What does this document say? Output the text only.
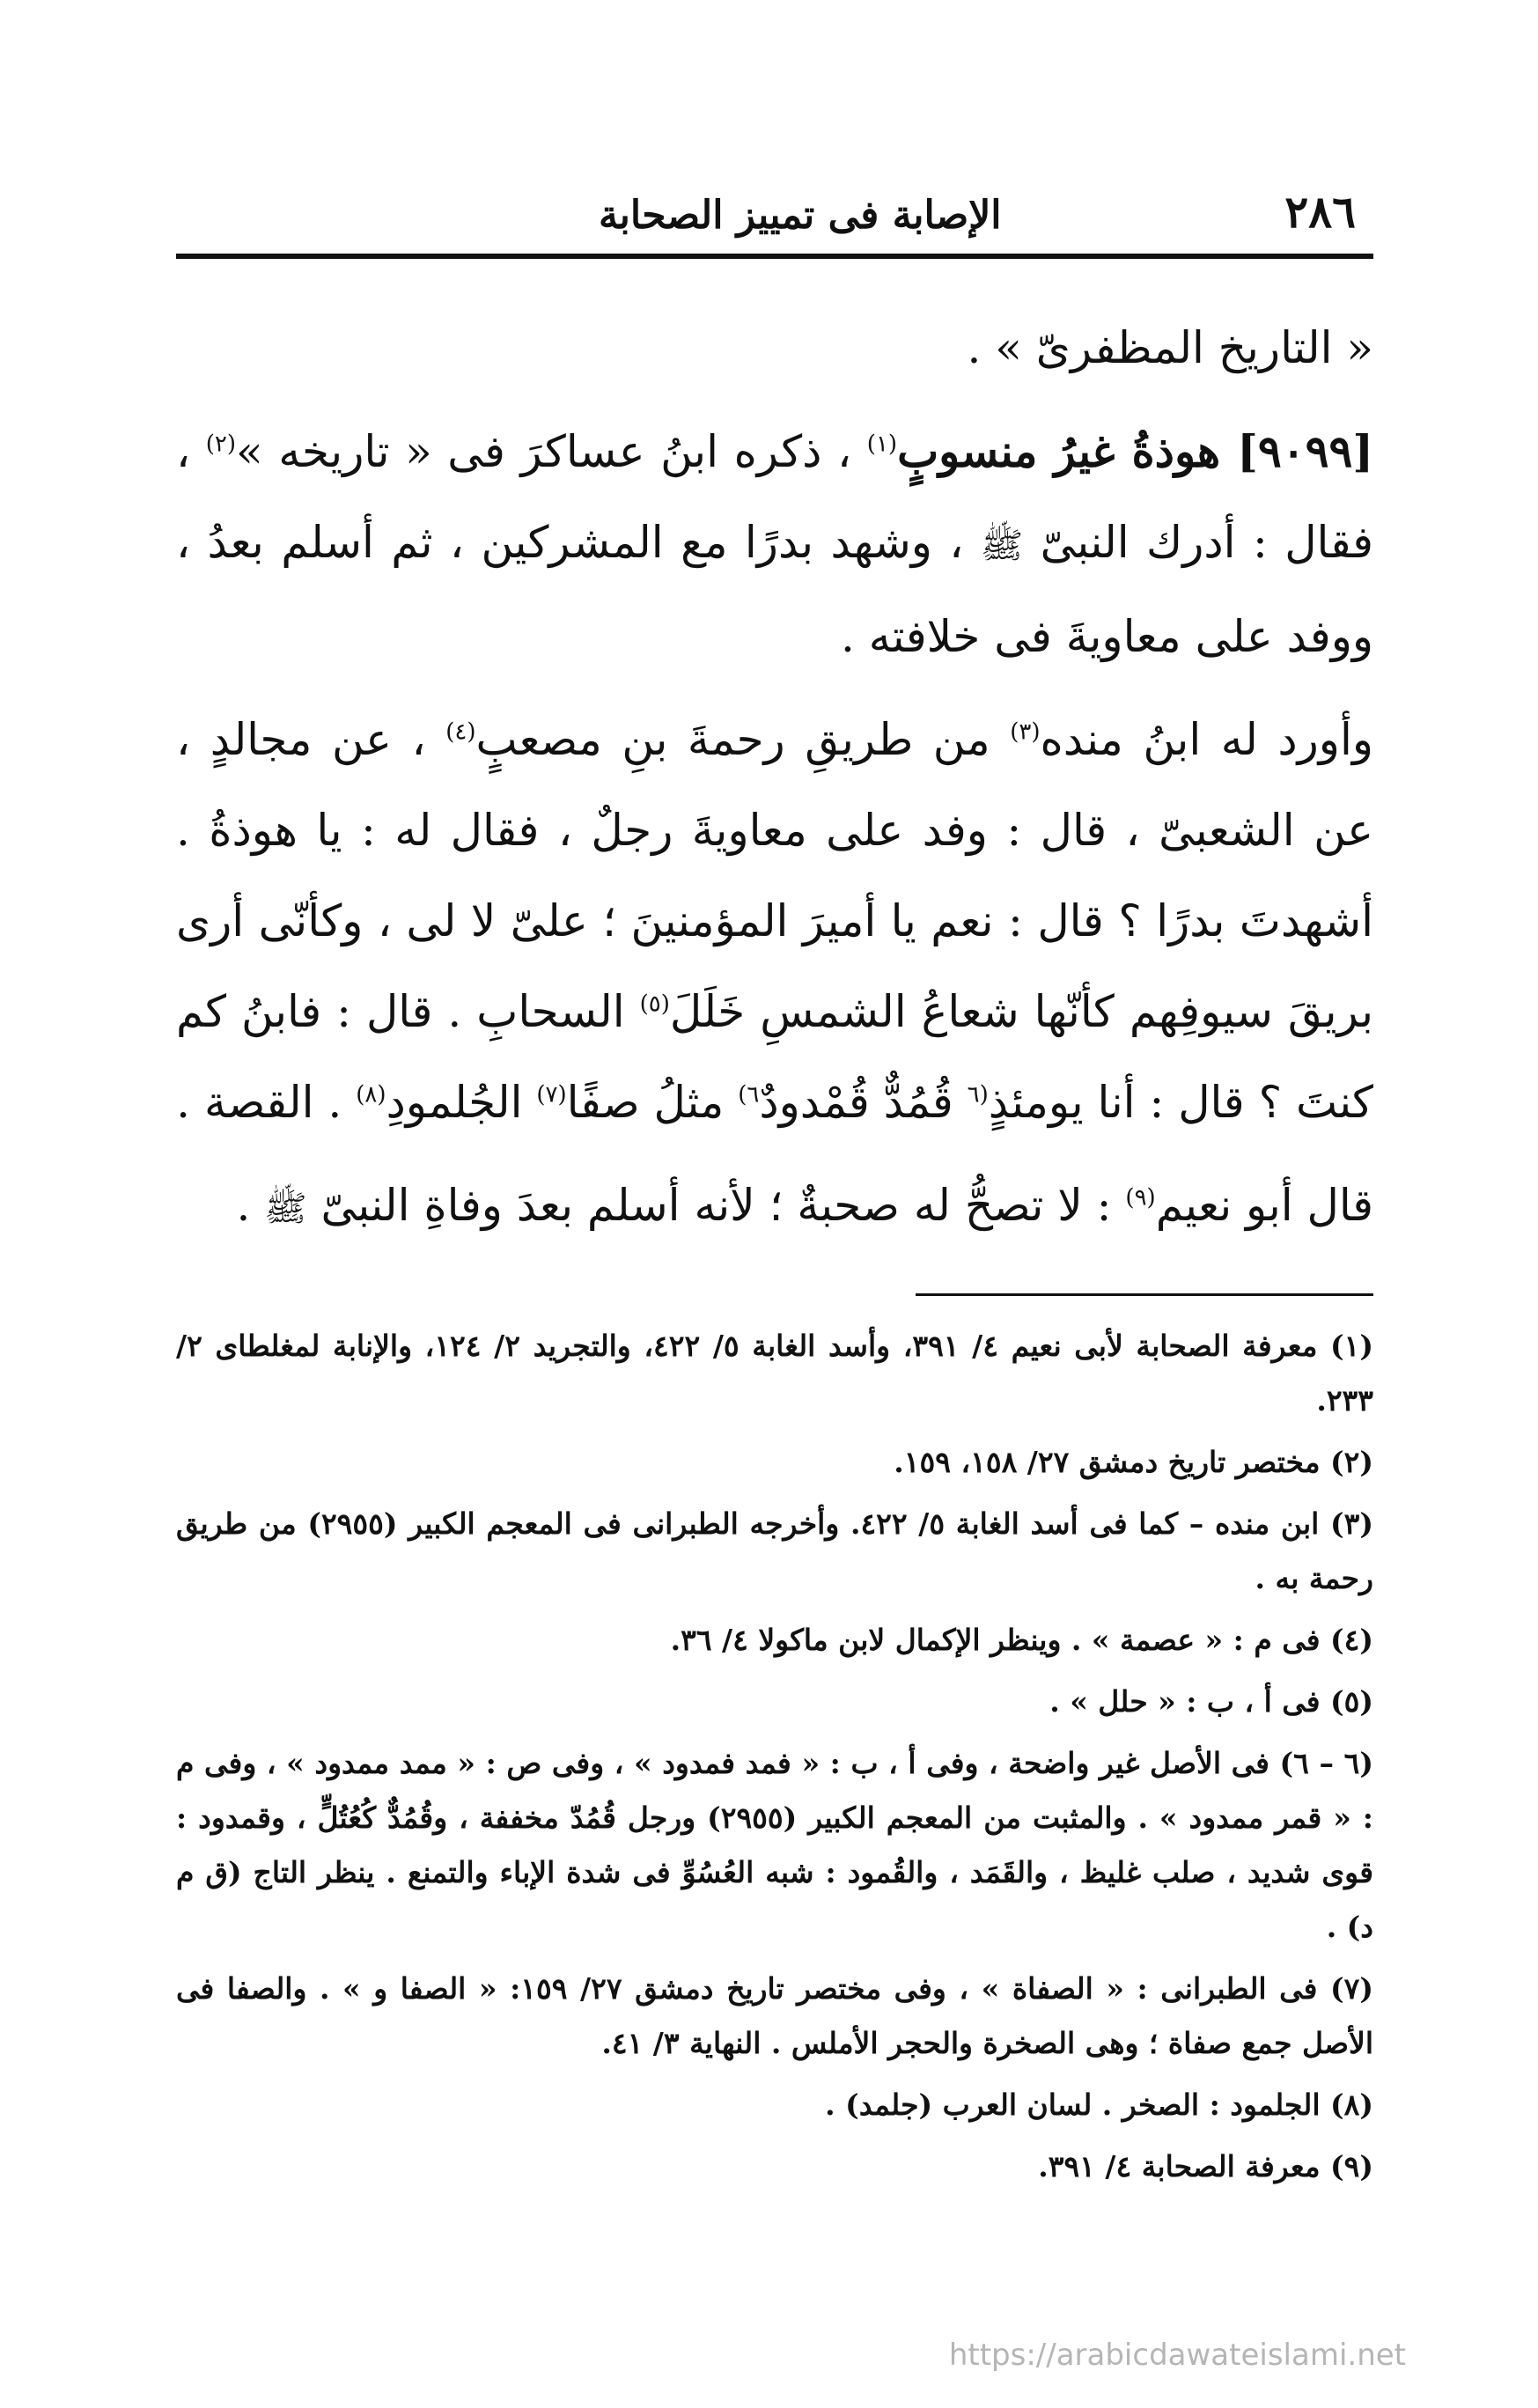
٢٨٦
الإصابة فى تمييز الصحابة

« التاريخ المظفرىّ » .

[٩٠٩٩] هوذةُ غيرُ منسوبٍ$^{(١)}$ ، ذكره ابنُ عساكرَ فى « تاريخه »$^{(٢)}$ ، فقال : أدرك النبىّ ﷺ ، وشهد بدرًا مع المشركين ، ثم أسلم بعدُ ، ووفد على معاويةَ فى خلافته .

وأورد له ابنُ منده$^{(٣)}$ من طريقِ رحمةَ بنِ مصعبٍ$^{(٤)}$ ، عن مجالدٍ ، عن الشعبىّ ، قال : وفد على معاويةَ رجلٌ ، فقال له : يا هوذةُ . أشهدتَ بدرًا ؟ قال : نعم يا أميرَ المؤمنينَ ؛ علىّ لا لى ، وكأنّى أرى بريقَ سيوفِهم كأنّها شعاعُ الشمسِ خَلَلَ$^{(٥)}$ السحابِ . قال : فابنُ كم كنتَ ؟ قال : أنا يومئذٍ$^{(٦}$ قُمُدٌّ قُمْدودٌ$^{٦)}$ مثلُ صفًا$^{(٧)}$ الجُلمودِ$^{(٨)}$ . القصة .

قال أبو نعيم$^{(٩)}$ : لا تصحُّ له صحبةٌ ؛ لأنه أسلم بعدَ وفاةِ النبىّ ﷺ .

(١) معرفة الصحابة لأبى نعيم ٤/ ٣٩١، وأسد الغابة ٥/ ٤٢٢، والتجريد ٢/ ١٢٤، والإنابة لمغلطاى ٢/ ٢٣٣.

(٢) مختصر تاريخ دمشق ٢٧/ ١٥٨، ١٥٩.

(٣) ابن منده – كما فى أسد الغابة ٥/ ٤٢٢. وأخرجه الطبرانى فى المعجم الكبير (٢٩٥٥) من طريق رحمة به .

(٤) فى م : « عصمة » . وينظر الإكمال لابن ماكولا ٤/ ٣٦.

(٥) فى أ ، ب : « حلل » .

(٦ – ٦) فى الأصل غير واضحة ، وفى أ ، ب : « فمد فمدود » ، وفى ص : « ممد ممدود » ، وفى م : « قمر ممدود » . والمثبت من المعجم الكبير (٢٩٥٥) ورجل قُمُدّ مخففة ، وقُمُدٌّ كُعُتُلٍّ ، وقمدود : قوى شديد ، صلب غليظ ، والقَمَد ، والقُمود : شبه العُسُوِّ فى شدة الإباء والتمنع . ينظر التاج (ق م د) .

(٧) فى الطبرانى : « الصفاة » ، وفى مختصر تاريخ دمشق ٢٧/ ١٥٩: « الصفا و » . والصفا فى الأصل جمع صفاة ؛ وهى الصخرة والحجر الأملس . النهاية ٣/ ٤١.

(٨) الجلمود : الصخر . لسان العرب (جلمد) .

(٩) معرفة الصحابة ٤/ ٣٩١.

https://arabicdawateislami.net
